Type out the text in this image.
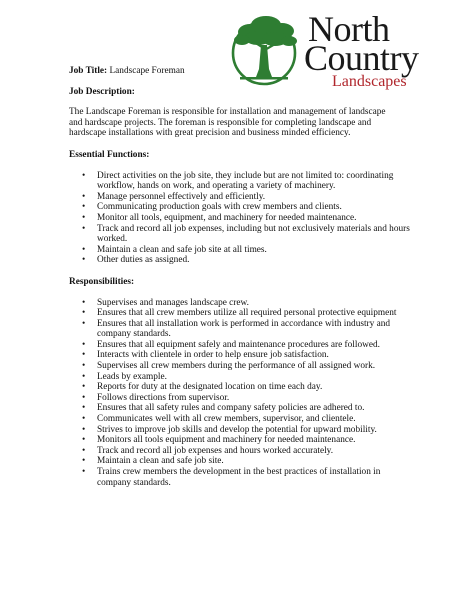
North
Country
Landscapes

Job Title: Landscape Foreman

Job Description:

The Landscape Foreman is responsible for installation and management of landscape and hardscape projects. The foreman is responsible for completing landscape and hardscape installations with great precision and business minded efficiency.

Essential Functions:

• Direct activities on the job site, they include but are not limited to: coordinating workflow, hands on work, and operating a variety of machinery.
• Manage personnel effectively and efficiently.
• Communicating production goals with crew members and clients.
• Monitor all tools, equipment, and machinery for needed maintenance.
• Track and record all job expenses, including but not exclusively materials and hours worked.
• Maintain a clean and safe job site at all times.
• Other duties as assigned.

Responsibilities:

• Supervises and manages landscape crew.
• Ensures that all crew members utilize all required personal protective equipment
• Ensures that all installation work is performed in accordance with industry and company standards.
• Ensures that all equipment safely and maintenance procedures are followed.
• Interacts with clientele in order to help ensure job satisfaction.
• Supervises all crew members during the performance of all assigned work.
• Leads by example.
• Reports for duty at the designated location on time each day.
• Follows directions from supervisor.
• Ensures that all safety rules and company safety policies are adhered to.
• Communicates well with all crew members, supervisor, and clientele.
• Strives to improve job skills and develop the potential for upward mobility.
• Monitors all tools equipment and machinery for needed maintenance.
• Track and record all job expenses and hours worked accurately.
• Maintain a clean and safe job site.
• Trains crew members the development in the best practices of installation in company standards.
